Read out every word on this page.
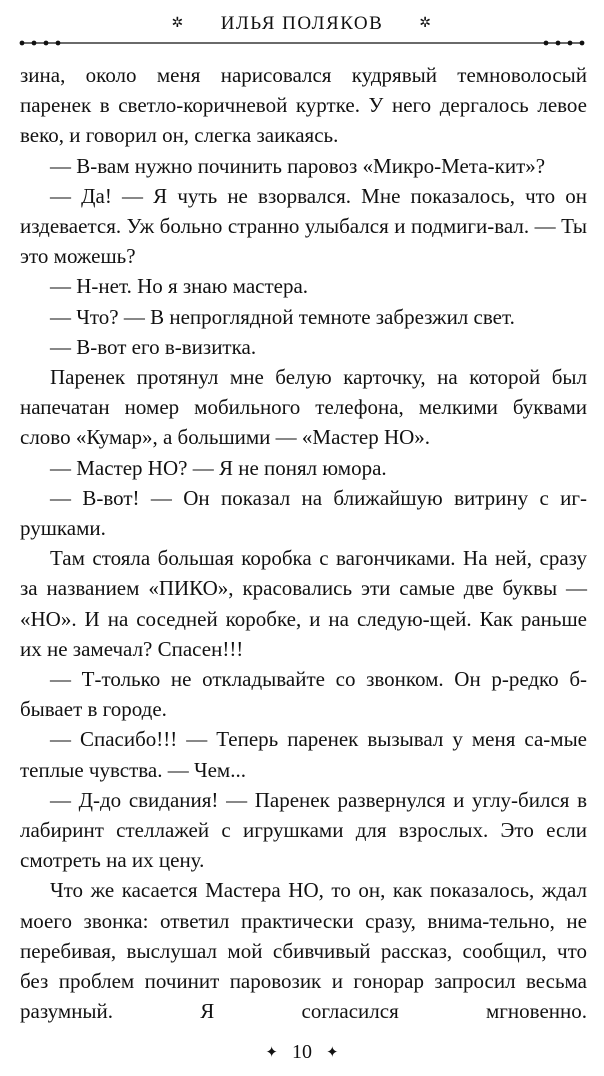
✲ ИЛЬЯ ПОЛЯКОВ	✲

зина, около меня нарисовался кудрявый темноволосый паренек в светло-коричневой куртке. У него дергалось левое веко, и говорил он, слегка заикаясь.

— В-вам нужно починить паровоз «Микро-Мета-кит»?

— Да! — Я чуть не взорвался. Мне показалось, что он издевается. Уж больно странно улыбался и подмиги-вал. — Ты это можешь?

— Н-нет. Но я знаю мастера.

— Что? — В непроглядной темноте забрезжил свет.

— В-вот его в-визитка.

Паренек протянул мне белую карточку, на которой был напечатан номер мобильного телефона, мелкими буквами слово «Кумар», а большими — «Мастер НО».

— Мастер НО? — Я не понял юмора.

— В-вот! — Он показал на ближайшую витрину с иг-рушками.

Там стояла большая коробка с вагончиками. На ней, сразу за названием «ПИКО», красовались эти самые две буквы — «НО». И на соседней коробке, и на следую-щей. Как раньше их не замечал? Спасен!!!

— Т-только не откладывайте со звонком. Он р-редко б-бывает в городе.

— Спасибо!!! — Теперь паренек вызывал у меня са-мые теплые чувства. — Чем...

— Д-до свидания! — Паренек развернулся и углу-бился в лабиринт стеллажей с игрушками для взрослых. Это если смотреть на их цену.

Что же касается Мастера НО, то он, как показалось, ждал моего звонка: ответил практически сразу, внима-тельно, не перебивая, выслушал мой сбивчивый рассказ, сообщил, что без проблем починит паровозик и гонорар запросил весьма разумный. Я согласился мгновенно.

✦ 10 ✦
